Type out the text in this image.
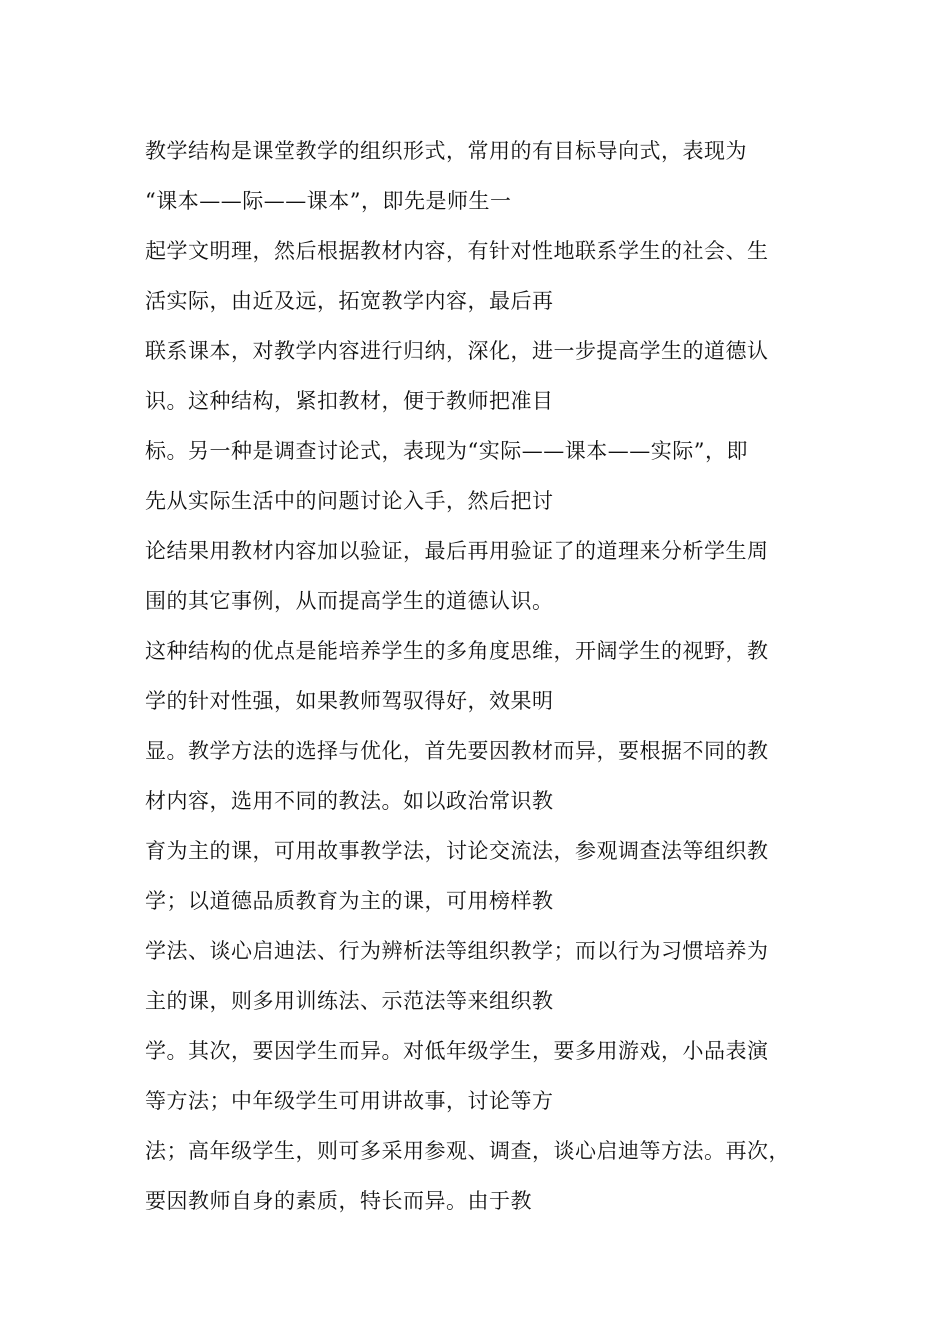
教学结构是课堂教学的组织形式，常用的有目标导向式，表现为
“课本——际——课本”，即先是师生一
起学文明理，然后根据教材内容，有针对性地联系学生的社会、生
活实际，由近及远，拓宽教学内容，最后再
联系课本，对教学内容进行归纳，深化，进一步提高学生的道德认
识。这种结构，紧扣教材，便于教师把准目
标。另一种是调查讨论式，表现为“实际——课本——实际”，即
先从实际生活中的问题讨论入手，然后把讨
论结果用教材内容加以验证，最后再用验证了的道理来分析学生周
围的其它事例，从而提高学生的道德认识。
这种结构的优点是能培养学生的多角度思维，开阔学生的视野，教
学的针对性强，如果教师驾驭得好，效果明
显。教学方法的选择与优化，首先要因教材而异，要根据不同的教
材内容，选用不同的教法。如以政治常识教
育为主的课，可用故事教学法，讨论交流法，参观调查法等组织教
学；以道德品质教育为主的课，可用榜样教
学法、谈心启迪法、行为辨析法等组织教学；而以行为习惯培养为
主的课，则多用训练法、示范法等来组织教
学。其次，要因学生而异。对低年级学生，要多用游戏，小品表演
等方法；中年级学生可用讲故事，讨论等方
法；高年级学生，则可多采用参观、调查，谈心启迪等方法。再次，
要因教师自身的素质，特长而异。由于教
